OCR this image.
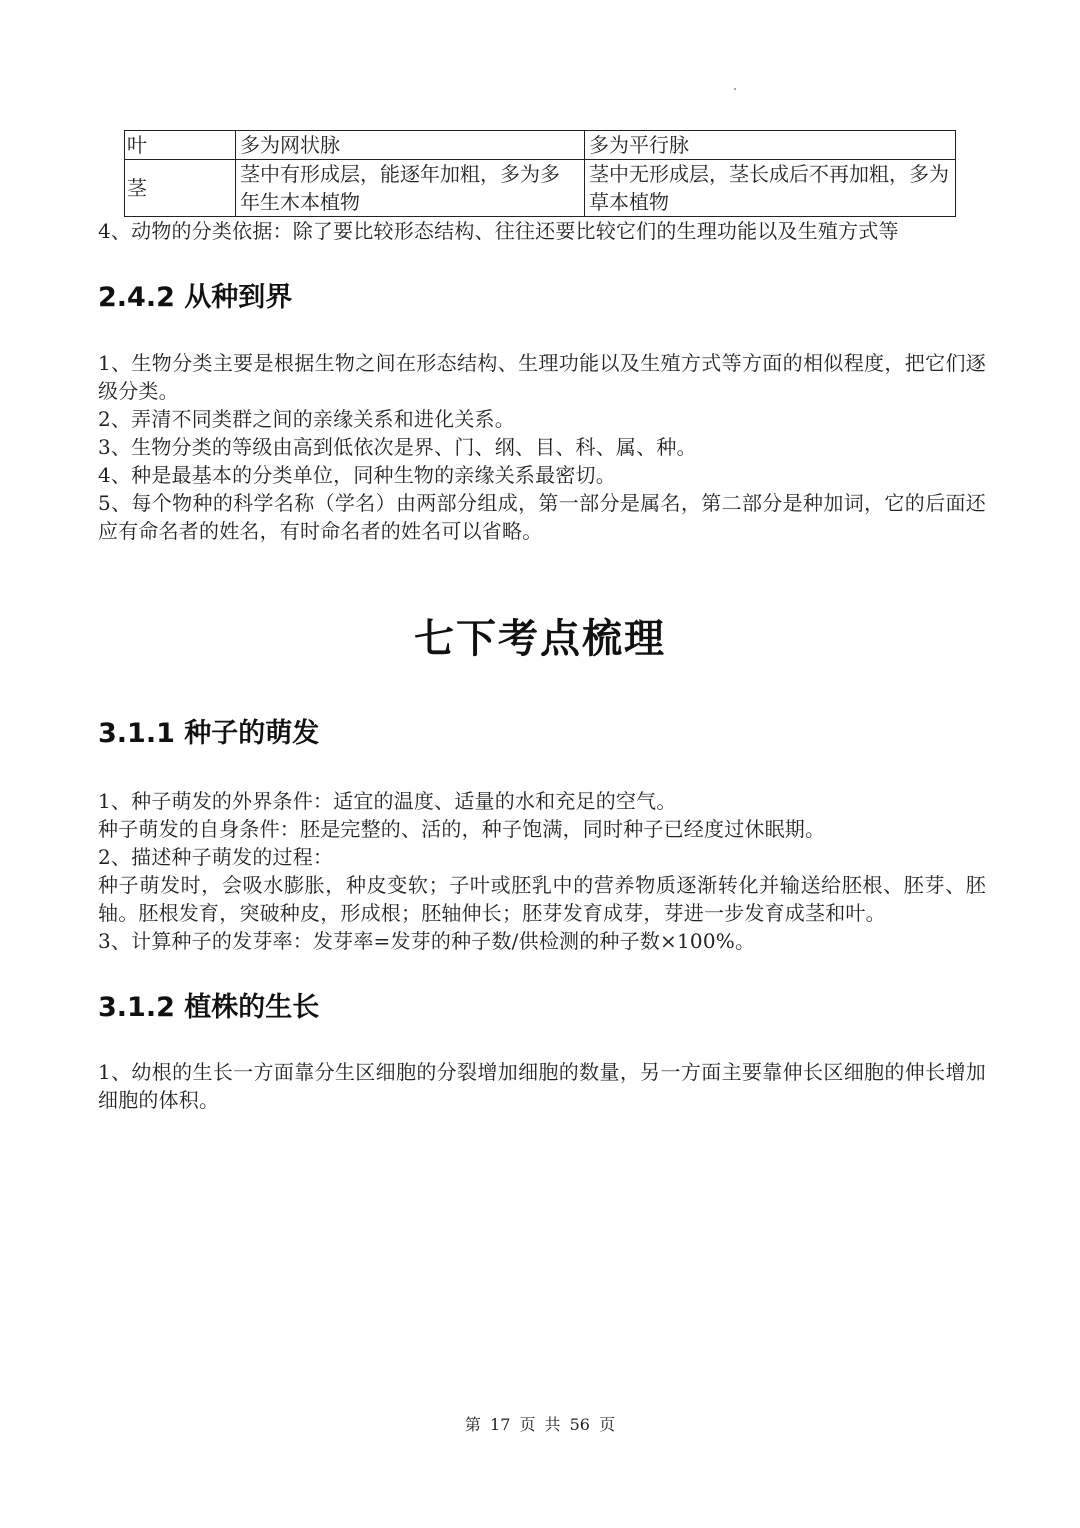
叶	多为网状脉	多为平行脉
茎	茎中有形成层，能逐年加粗，多为多年生木本植物	茎中无形成层，茎长成后不再加粗，多为草本植物
4、动物的分类依据：除了要比较形态结构、往往还要比较它们的生理功能以及生殖方式等
2.4.2 从种到界
1、生物分类主要是根据生物之间在形态结构、生理功能以及生殖方式等方面的相似程度，把它们逐级分类。
2、弄清不同类群之间的亲缘关系和进化关系。
3、生物分类的等级由高到低依次是界、门、纲、目、科、属、种。
4、种是最基本的分类单位，同种生物的亲缘关系最密切。
5、每个物种的科学名称（学名）由两部分组成，第一部分是属名，第二部分是种加词，它的后面还应有命名者的姓名，有时命名者的姓名可以省略。
七下考点梳理
3.1.1 种子的萌发
1、种子萌发的外界条件：适宜的温度、适量的水和充足的空气。
种子萌发的自身条件：胚是完整的、活的，种子饱满，同时种子已经度过休眠期。
2、描述种子萌发的过程：
种子萌发时，会吸水膨胀，种皮变软；子叶或胚乳中的营养物质逐渐转化并输送给胚根、胚芽、胚轴。胚根发育，突破种皮，形成根；胚轴伸长；胚芽发育成芽，芽进一步发育成茎和叶。
3、计算种子的发芽率：发芽率=发芽的种子数/供检测的种子数×100%。
3.1.2 植株的生长
1、幼根的生长一方面靠分生区细胞的分裂增加细胞的数量，另一方面主要靠伸长区细胞的伸长增加细胞的体积。
第 17 页 共 56 页
